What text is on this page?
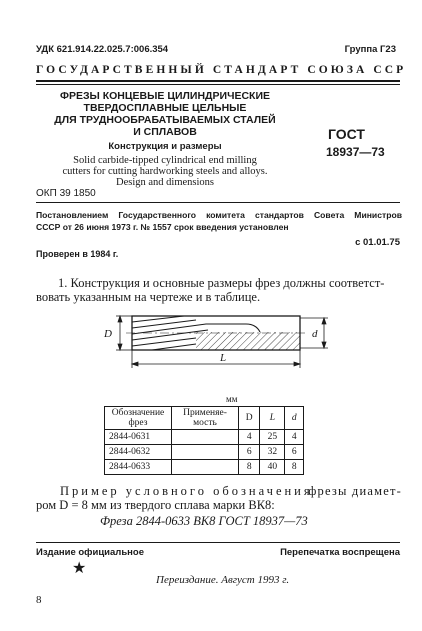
УДК 621.914.22.025.7:006.354	Группа Г23
ГОСУДАРСТВЕННЫЙ СТАНДАРТ СОЮЗА ССР
ФРЕЗЫ КОНЦЕВЫЕ ЦИЛИНДРИЧЕСКИЕ
ТВЕРДОСПЛАВНЫЕ ЦЕЛЬНЫЕ
ДЛЯ ТРУДНООБРАБАТЫВАЕМЫХ СТАЛЕЙ
И СПЛАВОВ
Конструкция и размеры
Solid carbide-tipped cylindrical end milling
cutters for cutting hardworking steels and alloys.
Design and dimensions
ГОСТ
18937—73
ОКП 39 1850
Постановлением Государственного комитета стандартов Совета Министров
СССР от 26 июня 1973 г. № 1557 срок введения установлен
с 01.01.75
Проверен в 1984 г.
1. Конструкция и основные размеры фрез должны соответст-
вовать указанным на чертеже и в таблице.
D	d
L
мм
Обозначение
фрез	Применяе-
мость	D	L	d
2844-0631		4	25	4
2844-0632		6	32	6
2844-0633		8	40	8
Пример условного обозначения
фрезы диамет-
ром D = 8 мм из твердого сплава марки ВК8:
Фреза 2844-0633 ВК8 ГОСТ 18937—73
Издание официальное	Перепечатка воспрещена
★
Переиздание. Август 1993 г.
8
